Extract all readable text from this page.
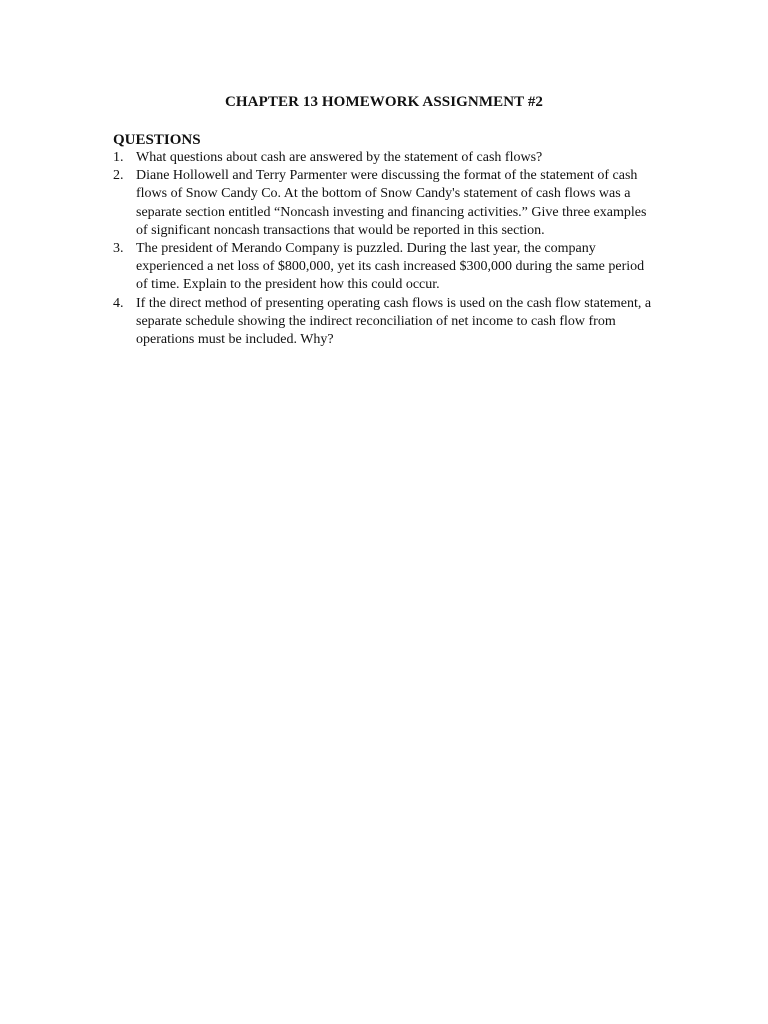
CHAPTER 13 HOMEWORK ASSIGNMENT #2
QUESTIONS
1. What questions about cash are answered by the statement of cash flows?
2. Diane Hollowell and Terry Parmenter were discussing the format of the statement of cash flows of Snow Candy Co. At the bottom of Snow Candy's statement of cash flows was a separate section entitled “Noncash investing and financing activities.” Give three examples of significant noncash transactions that would be reported in this section.
3. The president of Merando Company is puzzled. During the last year, the company experienced a net loss of $800,000, yet its cash increased $300,000 during the same period of time. Explain to the president how this could occur.
4. If the direct method of presenting operating cash flows is used on the cash flow statement, a separate schedule showing the indirect reconciliation of net income to cash flow from operations must be included. Why?
